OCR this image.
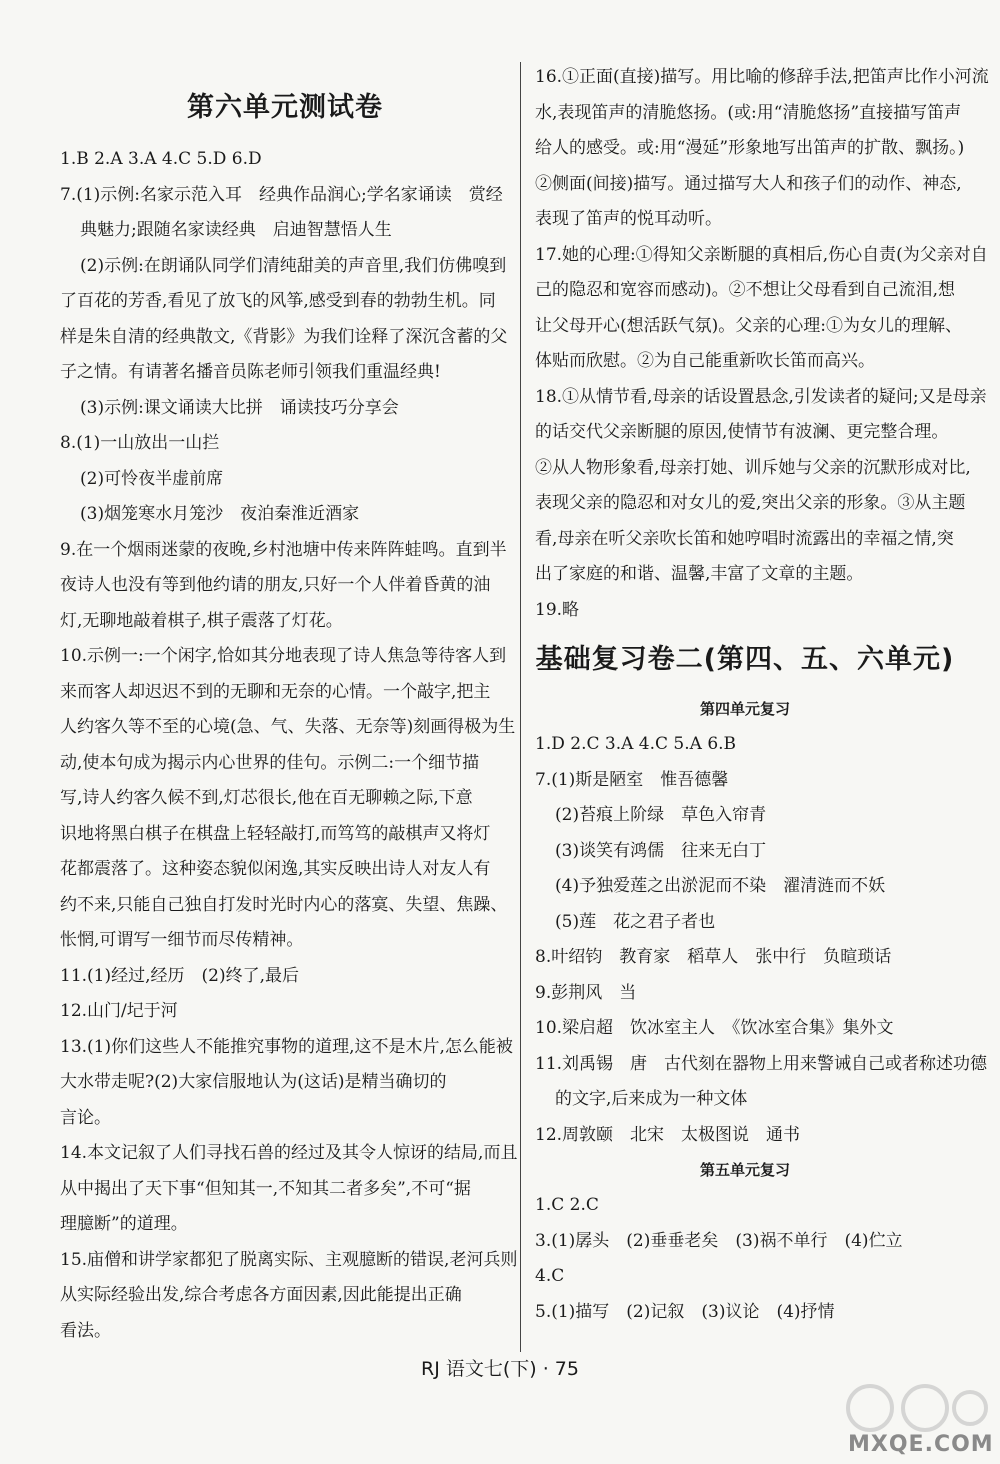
第六单元测试卷
1.B 2.A 3.A 4.C 5.D 6.D
7.(1)示例:名家示范入耳　经典作品润心;学名家诵读　赏经
典魅力;跟随名家读经典　启迪智慧悟人生
(2)示例:在朗诵队同学们清纯甜美的声音里,我们仿佛嗅到
了百花的芳香,看见了放飞的风筝,感受到春的勃勃生机。同
样是朱自清的经典散文,《背影》为我们诠释了深沉含蓄的父
子之情。有请著名播音员陈老师引领我们重温经典!
(3)示例:课文诵读大比拼　诵读技巧分享会
8.(1)一山放出一山拦
(2)可怜夜半虚前席
(3)烟笼寒水月笼沙　夜泊秦淮近酒家
9.在一个烟雨迷蒙的夜晚,乡村池塘中传来阵阵蛙鸣。直到半
夜诗人也没有等到他约请的朋友,只好一个人伴着昏黄的油
灯,无聊地敲着棋子,棋子震落了灯花。
10.示例一:一个闲字,恰如其分地表现了诗人焦急等待客人到
来而客人却迟迟不到的无聊和无奈的心情。一个敲字,把主
人约客久等不至的心境(急、气、失落、无奈等)刻画得极为生
动,使本句成为揭示内心世界的佳句。示例二:一个细节描
写,诗人约客久候不到,灯芯很长,他在百无聊赖之际,下意
识地将黑白棋子在棋盘上轻轻敲打,而笃笃的敲棋声又将灯
花都震落了。这种姿态貌似闲逸,其实反映出诗人对友人有
约不来,只能自己独自打发时光时内心的落寞、失望、焦躁、
怅惘,可谓写一细节而尽传精神。
11.(1)经过,经历　(2)终了,最后
12.山门/圮于河
13.(1)你们这些人不能推究事物的道理,这不是木片,怎么能被
大水带走呢?(2)大家信服地认为(这话)是精当确切的
言论。
14.本文记叙了人们寻找石兽的经过及其令人惊讶的结局,而且
从中揭出了天下事“但知其一,不知其二者多矣”,不可“据
理臆断”的道理。
15.庙僧和讲学家都犯了脱离实际、主观臆断的错误,老河兵则
从实际经验出发,综合考虑各方面因素,因此能提出正确
看法。
16.①正面(直接)描写。用比喻的修辞手法,把笛声比作小河流
水,表现笛声的清脆悠扬。(或:用“清脆悠扬”直接描写笛声
给人的感受。或:用“漫延”形象地写出笛声的扩散、飘扬。)
②侧面(间接)描写。通过描写大人和孩子们的动作、神态,
表现了笛声的悦耳动听。
17.她的心理:①得知父亲断腿的真相后,伤心自责(为父亲对自
己的隐忍和宽容而感动)。②不想让父母看到自己流泪,想
让父母开心(想活跃气氛)。父亲的心理:①为女儿的理解、
体贴而欣慰。②为自己能重新吹长笛而高兴。
18.①从情节看,母亲的话设置悬念,引发读者的疑问;又是母亲
的话交代父亲断腿的原因,使情节有波澜、更完整合理。
②从人物形象看,母亲打她、训斥她与父亲的沉默形成对比,
表现父亲的隐忍和对女儿的爱,突出父亲的形象。③从主题
看,母亲在听父亲吹长笛和她哼唱时流露出的幸福之情,突
出了家庭的和谐、温馨,丰富了文章的主题。
19.略
基础复习卷二(第四、五、六单元)
第四单元复习
1.D 2.C 3.A 4.C 5.A 6.B
7.(1)斯是陋室　惟吾德馨
(2)苔痕上阶绿　草色入帘青
(3)谈笑有鸿儒　往来无白丁
(4)予独爱莲之出淤泥而不染　濯清涟而不妖
(5)莲　花之君子者也
8.叶绍钧　教育家　稻草人　张中行　负暄琐话
9.彭荆风　当
10.梁启超　饮冰室主人　《饮冰室合集》集外文
11.刘禹锡　唐　古代刻在器物上用来警诫自己或者称述功德
的文字,后来成为一种文体
12.周敦颐　北宋　太极图说　通书
第五单元复习
1.C 2.C
3.(1)孱头　(2)垂垂老矣　(3)祸不单行　(4)伫立
4.C
5.(1)描写　(2)记叙　(3)议论　(4)抒情
RJ 语文七(下) · 75
MXQE.COM
